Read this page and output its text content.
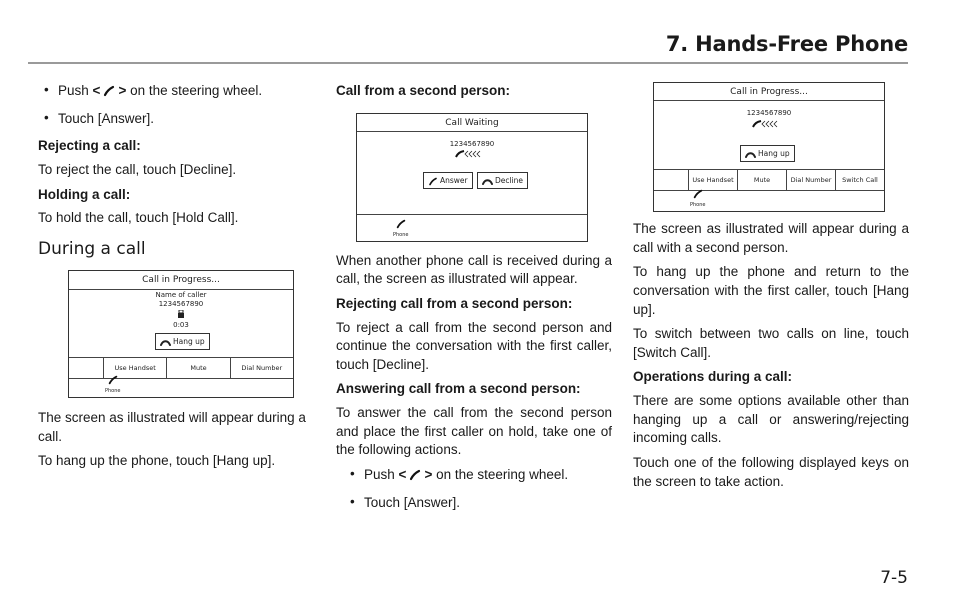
7. Hands-Free Phone
• Push < > on the steering wheel.
• Touch [Answer].

Rejecting a call:

To reject the call, touch [Decline].

Holding a call:

To hold the call, touch [Hold Call].

During a call
Call in Progress...
Name of caller
1234567890
0:03
Hang up
Use Handset	Mute	Dial Number
Phone

The screen as illustrated will appear during a call.

To hang up the phone, touch [Hang up].

Call from a second person:

Call Waiting
1234567890
Answer	Decline
Phone

When another phone call is received during a call, the screen as illustrated will appear.

Rejecting call from a second person:

To reject a call from the second person and continue the conversation with the first caller, touch [Decline].

Answering call from a second person:

To answer the call from the second person and place the first caller on hold, take one of the following actions.

• Push < > on the steering wheel.
• Touch [Answer].
Call in Progress...
1234567890
Hang up
Use Handset	Mute	Dial Number	Switch Call
Phone

The screen as illustrated will appear during a call with a second person.

To hang up the phone and return to the conversation with the first caller, touch [Hang up].

To switch between two calls on line, touch [Switch Call].

Operations during a call:

There are some options available other than hanging up a call or answering/rejecting incoming calls.

Touch one of the following displayed keys on the screen to take action.

7-5
